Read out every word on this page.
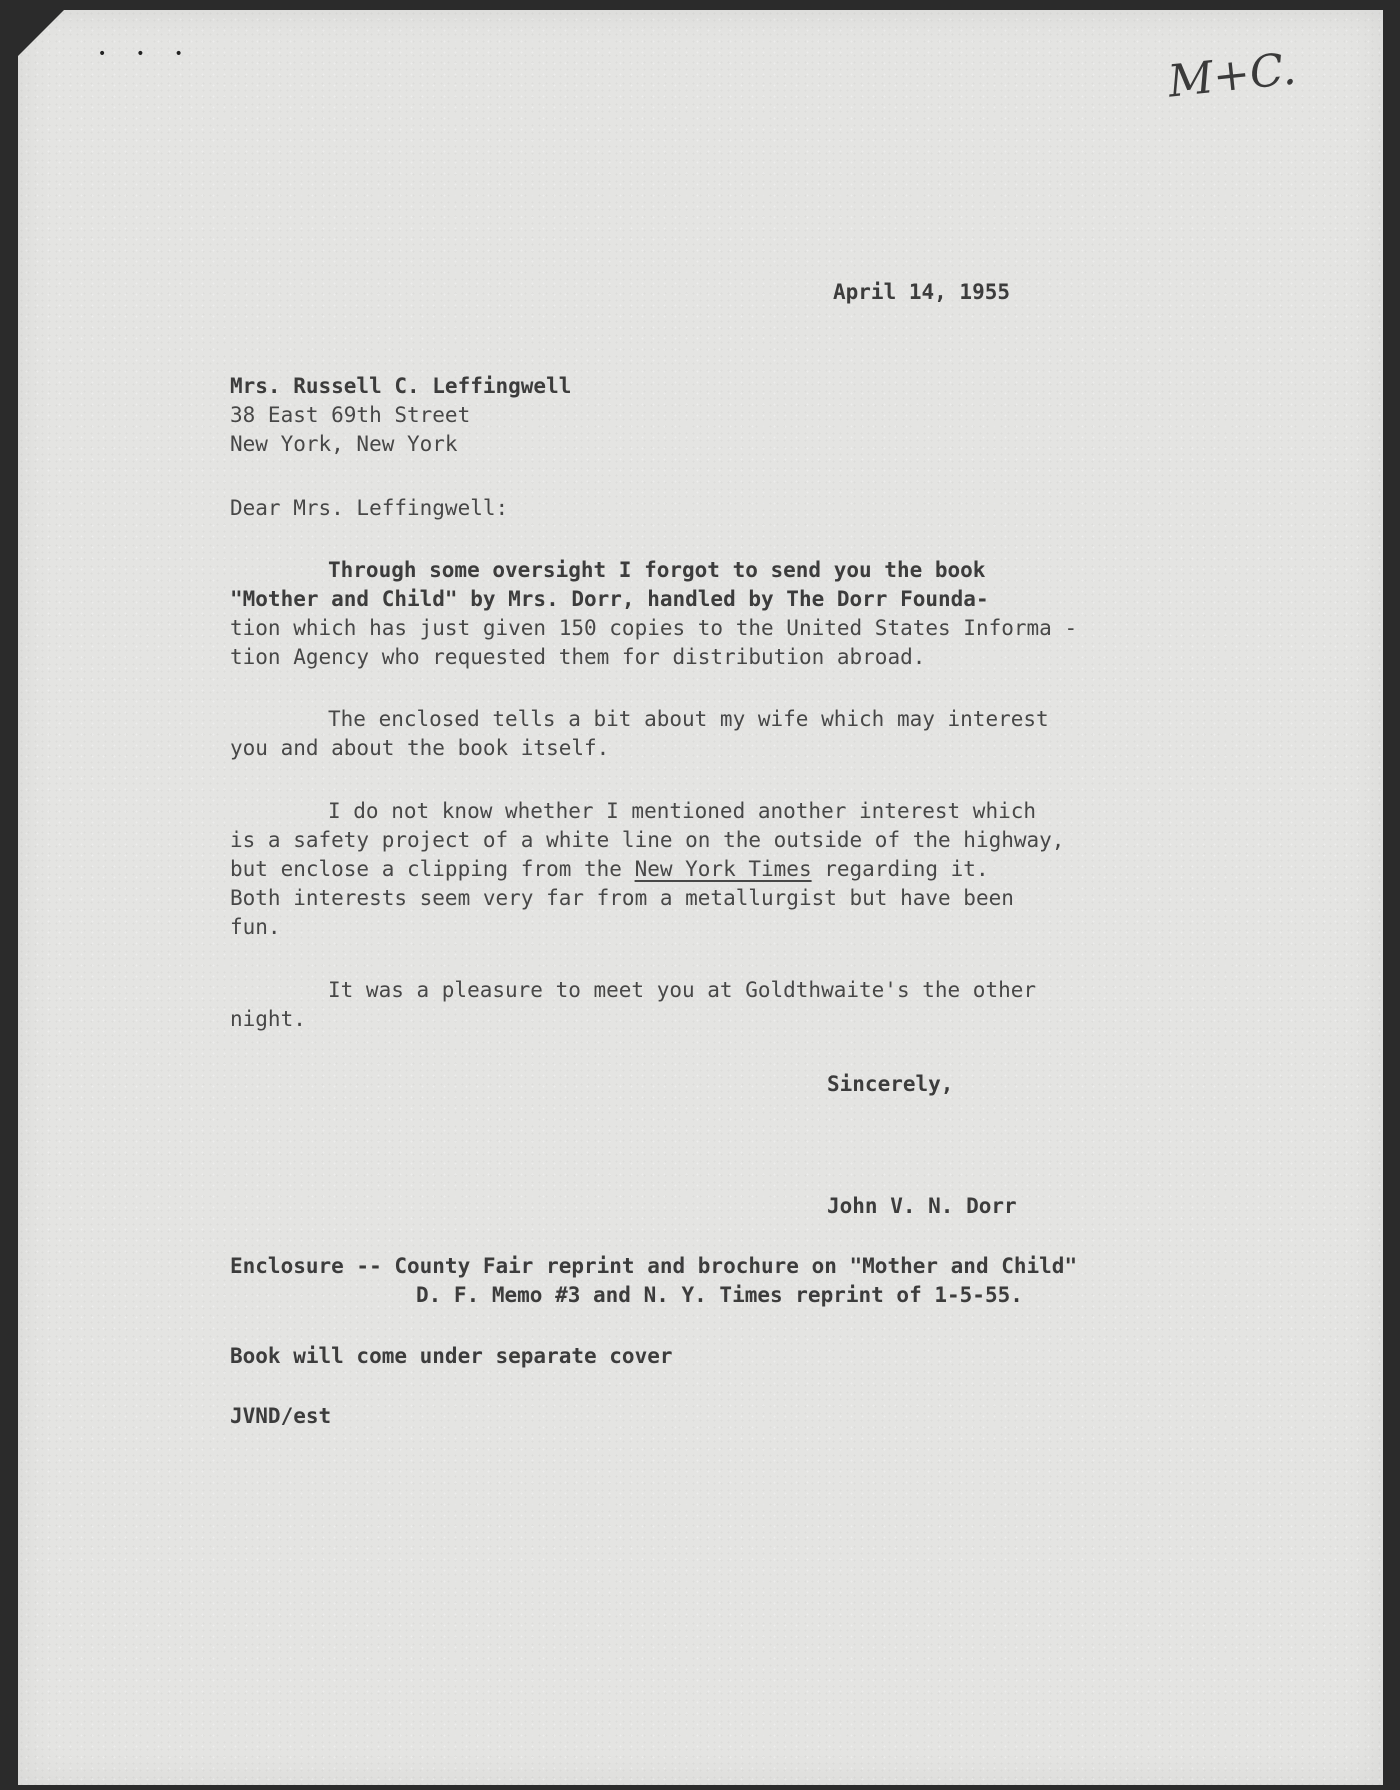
•••	M+C.
April 14, 1955
Mrs. Russell C. Leffingwell
38 East 69th Street
New York, New York
Dear Mrs. Leffingwell:
Through some oversight I forgot to send you the book
"Mother and Child" by Mrs. Dorr, handled by The Dorr Founda-
tion which has just given 150 copies to the United States Informa -
tion Agency who requested them for distribution abroad.
The enclosed tells a bit about my wife which may interest
you and about the book itself.
I do not know whether I mentioned another interest which
is a safety project of a white line on the outside of the highway,
but enclose a clipping from the New York Times regarding it.
Both interests seem very far from a metallurgist but have been
fun.
It was a pleasure to meet you at Goldthwaite's the other
night.
Sincerely,
John V. N. Dorr
Enclosure -- County Fair reprint and brochure on "Mother and Child"
D. F. Memo #3 and N. Y. Times reprint of 1-5-55.
Book will come under separate cover
JVND/est
